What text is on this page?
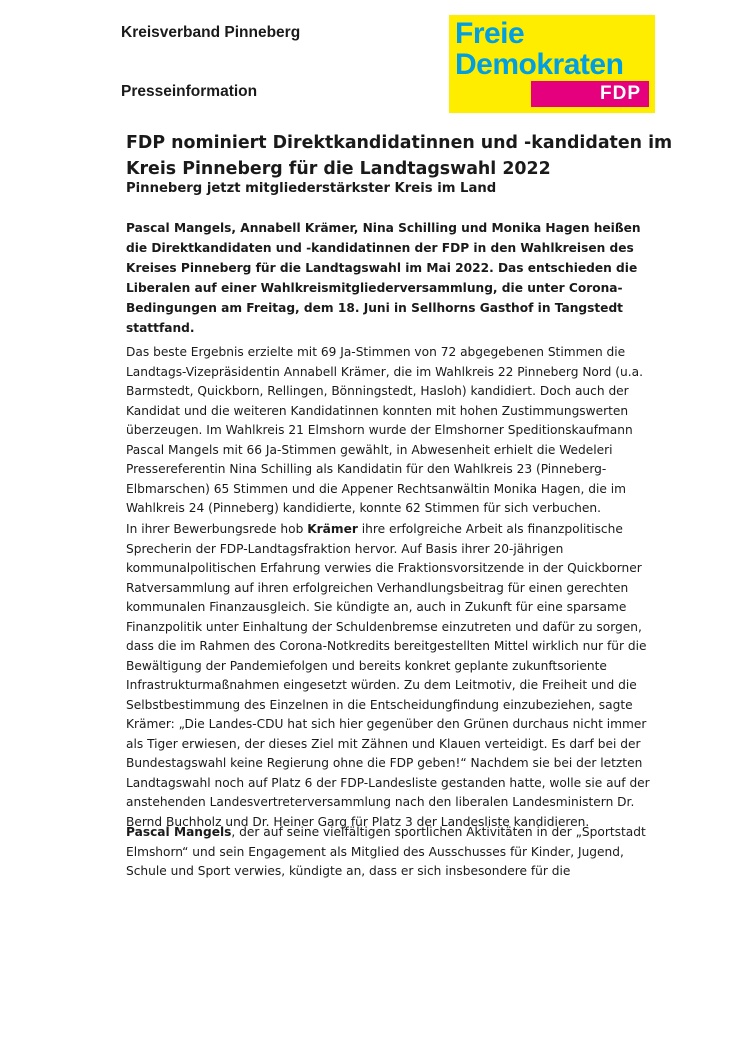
Kreisverband Pinneberg
Presseinformation
Freie
Demokraten
FDP
FDP nominiert Direktkandidatinnen und -kandidaten im Kreis Pinneberg für die Landtagswahl 2022
Pinneberg jetzt mitgliederstärkster Kreis im Land

Pascal Mangels, Annabell Krämer, Nina Schilling und Monika Hagen heißen die Direktkandidaten und -kandidatinnen der FDP in den Wahlkreisen des Kreises Pinneberg für die Landtagswahl im Mai 2022. Das entschieden die Liberalen auf einer Wahlkreismitgliederversammlung, die unter Corona-Bedingungen am Freitag, dem 18. Juni in Sellhorns Gasthof in Tangstedt stattfand.

Das beste Ergebnis erzielte mit 69 Ja-Stimmen von 72 abgegebenen Stimmen die Landtags-Vizepräsidentin Annabell Krämer, die im Wahlkreis 22 Pinneberg Nord (u.a. Barmstedt, Quickborn, Rellingen, Bönningstedt, Hasloh) kandidiert. Doch auch der Kandidat und die weiteren Kandidatinnen konnten mit hohen Zustimmungswerten überzeugen. Im Wahlkreis 21 Elmshorn wurde der Elmshorner Speditionskaufmann Pascal Mangels mit 66 Ja-Stimmen gewählt, in Abwesenheit erhielt die Wedeleri Pressereferentin Nina Schilling als Kandidatin für den Wahlkreis 23 (Pinneberg-Elbmarschen) 65 Stimmen und die Appener Rechtsanwältin Monika Hagen, die im Wahlkreis 24 (Pinneberg) kandidierte, konnte 62 Stimmen für sich verbuchen.

In ihrer Bewerbungsrede hob Krämer ihre erfolgreiche Arbeit als finanzpolitische Sprecherin der FDP-Landtagsfraktion hervor. Auf Basis ihrer 20-jährigen kommunalpolitischen Erfahrung verwies die Fraktionsvorsitzende in der Quickborner Ratversammlung auf ihren erfolgreichen Verhandlungsbeitrag für einen gerechten kommunalen Finanzausgleich. Sie kündigte an, auch in Zukunft für eine sparsame Finanzpolitik unter Einhaltung der Schuldenbremse einzutreten und dafür zu sorgen, dass die im Rahmen des Corona-Notkredits bereitgestellten Mittel wirklich nur für die Bewältigung der Pandemiefolgen und bereits konkret geplante zukunftsoriente Infrastrukturmaßnahmen eingesetzt würden. Zu dem Leitmotiv, die Freiheit und die Selbstbestimmung des Einzelnen in die Entscheidungfindung einzubeziehen, sagte Krämer: „Die Landes-CDU hat sich hier gegenüber den Grünen durchaus nicht immer als Tiger erwiesen, der dieses Ziel mit Zähnen und Klauen verteidigt. Es darf bei der Bundestagswahl keine Regierung ohne die FDP geben!“ Nachdem sie bei der letzten Landtagswahl noch auf Platz 6 der FDP-Landesliste gestanden hatte, wolle sie auf der anstehenden Landesvertreterversammlung nach den liberalen Landesministern Dr. Bernd Buchholz und Dr. Heiner Garg für Platz 3 der Landesliste kandidieren.

Pascal Mangels, der auf seine vielfältigen sportlichen Aktivitäten in der „Sportstadt Elmshorn“ und sein Engagement als Mitglied des Ausschusses für Kinder, Jugend, Schule und Sport verwies, kündigte an, dass er sich insbesondere für die
